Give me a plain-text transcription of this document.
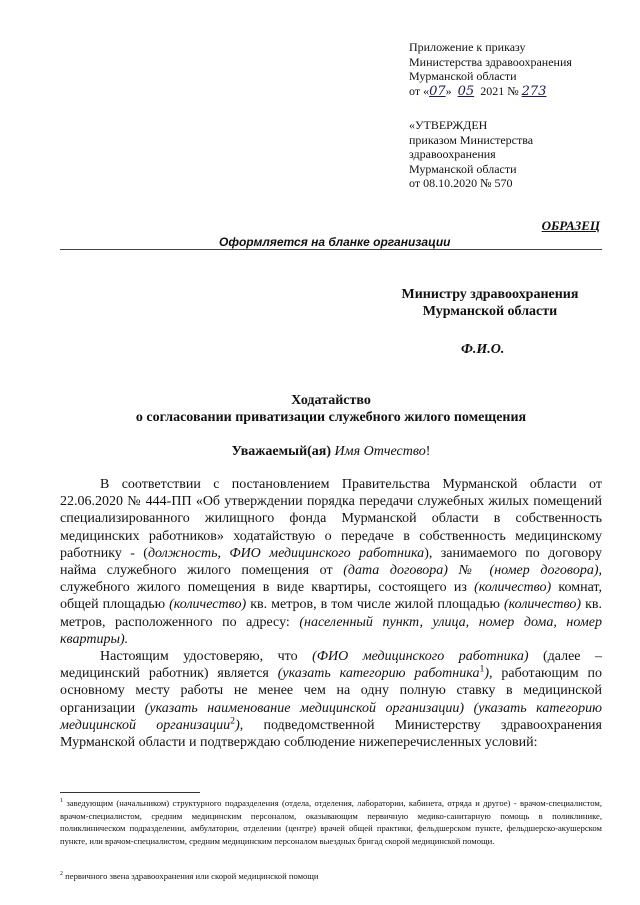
Приложение к приказу
Министерства здравоохранения
Мурманской области
от «07» 05 2021 № 273
«УТВЕРЖДЕН
приказом Министерства
здравоохранения
Мурманской области
от 08.10.2020 № 570
ОБРАЗЕЦ
Оформляется на бланке организации
Министру здравоохранения
Мурманской области
Ф.И.О.
Ходатайство
о согласовании приватизации служебного жилого помещения
Уважаемый(ая) Имя Отчество!

В соответствии с постановлением Правительства Мурманской области от 22.06.2020 № 444-ПП «Об утверждении порядка передачи служебных жилых помещений специализированного жилищного фонда Мурманской области в собственность медицинских работников» ходатайствую о передаче в собственность медицинскому работнику - (должность, ФИО медицинского работника), занимаемого по договору найма служебного жилого помещения от (дата договора) № (номер договора), служебного жилого помещения в виде квартиры, состоящего из (количество) комнат, общей площадью (количество) кв. метров, в том числе жилой площадью (количество) кв. метров, расположенного по адресу: (населенный пункт, улица, номер дома, номер квартиры).

Настоящим удостоверяю, что (ФИО медицинского работника) (далее – медицинский работник) является (указать категорию работника$^1$), работающим по основному месту работы не менее чем на одну полную ставку в медицинской организации (указать наименование медицинской организации) (указать категорию медицинской организации$^2$), подведомственной Министерству здравоохранения Мурманской области и подтверждаю соблюдение нижеперечисленных условий:

$^1$ заведующим (начальником) структурного подразделения (отдела, отделения, лаборатории, кабинета, отряда и другое) - врачом-специалистом, врачом-специалистом, средним медицинским персоналом, оказывающим первичную медико-санитарную помощь в поликлинике, поликлиническом подразделении, амбулатории, отделении (центре) врачей общей практики, фельдшерском пункте, фельдшерско-акушерском пункте, или врачом-специалистом, средним медицинским персоналом выездных бригад скорой медицинской помощи.
$^2$ первичного звена здравоохранения или скорой медицинской помощи
